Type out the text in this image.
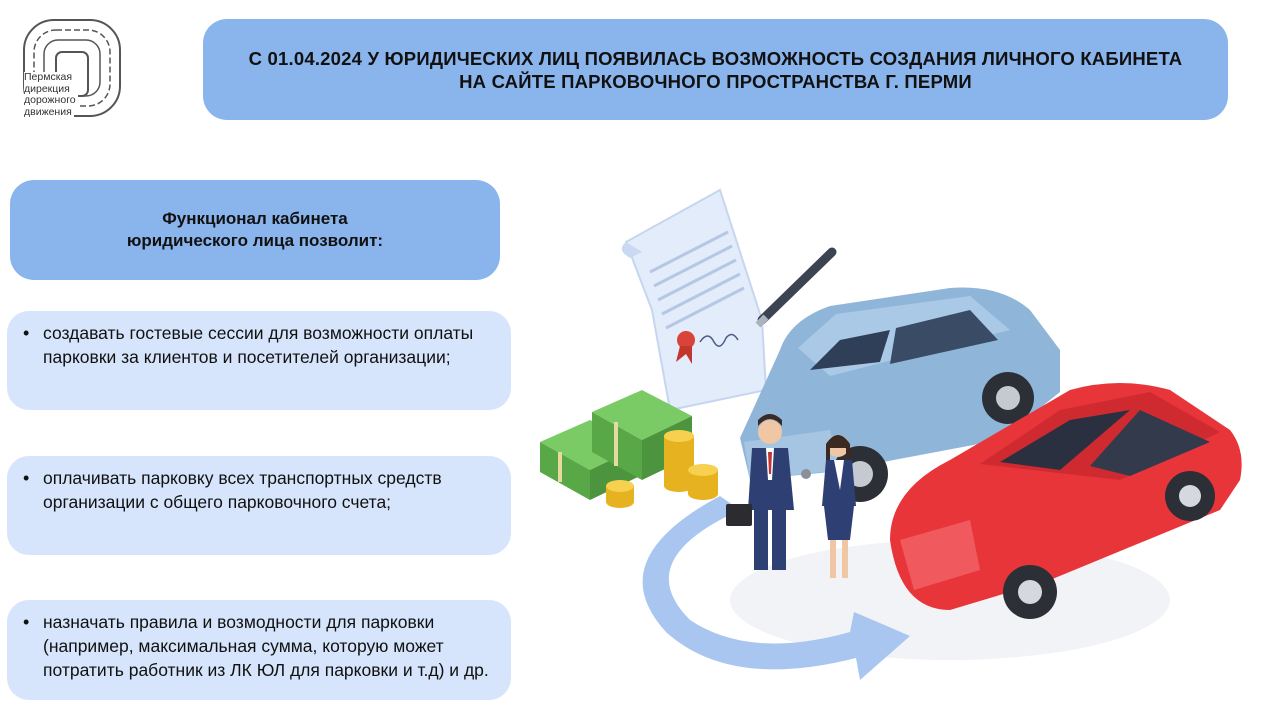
Пермская
дирекция
дорожного
движения
С 01.04.2024 У ЮРИДИЧЕСКИХ ЛИЦ ПОЯВИЛАСЬ ВОЗМОЖНОСТЬ СОЗДАНИЯ ЛИЧНОГО КАБИНЕТА НА САЙТЕ ПАРКОВОЧНОГО ПРОСТРАНСТВА Г. ПЕРМИ
Функционал кабинета
юридического лица позволит:
• создавать гостевые сессии для возможности оплаты парковки за клиентов и посетителей организации;
• оплачивать парковку всех транспортных средств организации с общего парковочного счета;
• назначать правила и возмодности для парковки (например, максимальная сумма, которую может потратить работник из ЛК ЮЛ для парковки и т.д) и др.
